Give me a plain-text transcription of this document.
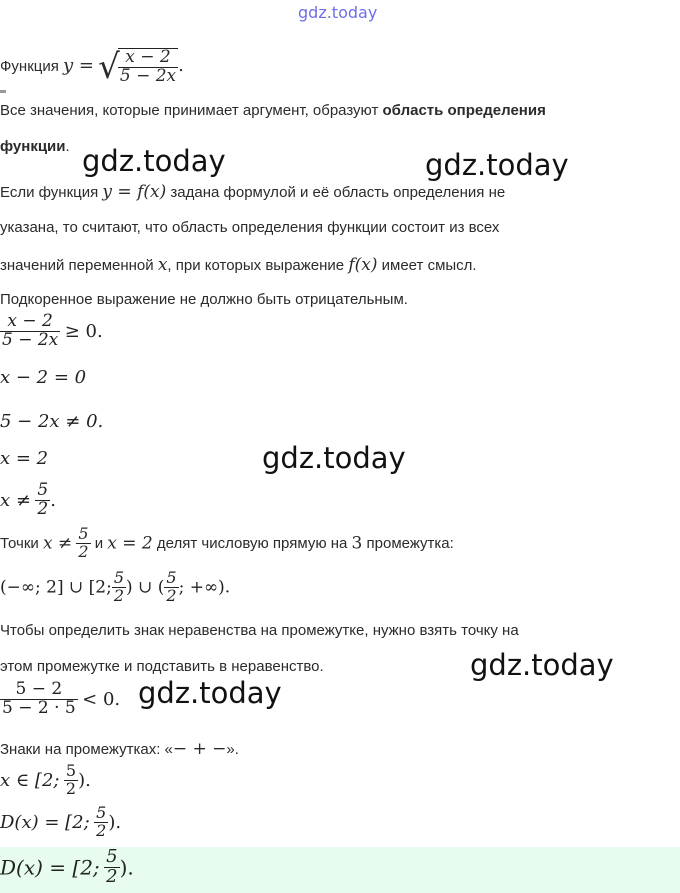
gdz.today
Функция y = √
$\frac{x - 2}{5 - 2x}$ .
Все значения, которые принимает аргумент, образуют область определения
функции. gdz.today	gdz.today
Если функция y = f(x) задана формулой и её область определения не
указана, то считают, что область определения функции состоит из всех
значений переменной x, при которых выражение f(x) имеет смысл.
Подкоренное выражение не должно быть отрицательным.
$\frac{x - 2}{5 - 2x} \ge 0$.
x − 2 = 0
5 − 2x ≠ 0.
x = 2	gdz.today
$x \ne \frac{5}{2}$ .
Точки $x \ne \frac{5}{2}$ и x = 2 делят числовую прямую на 3 промежутка:
(−∞; 2] ∪ [2; $\frac{5}{2}$ ) ∪ ( $\frac{5}{2}$ ; +∞).
Чтобы определить знак неравенства на промежутке, нужно взять точку на
этом промежутке и подставить в неравенство.	gdz.today
$\frac{5 - 2}{5 - 2 \cdot 5} < 0$. gdz.today
Знаки на промежутках: «− + −».
x ∈ [2; $\frac{5}{2}$ ).
D(x) = [2; $\frac{5}{2}$ ).
D(x) = [2; $\frac{5}{2}$ ).
